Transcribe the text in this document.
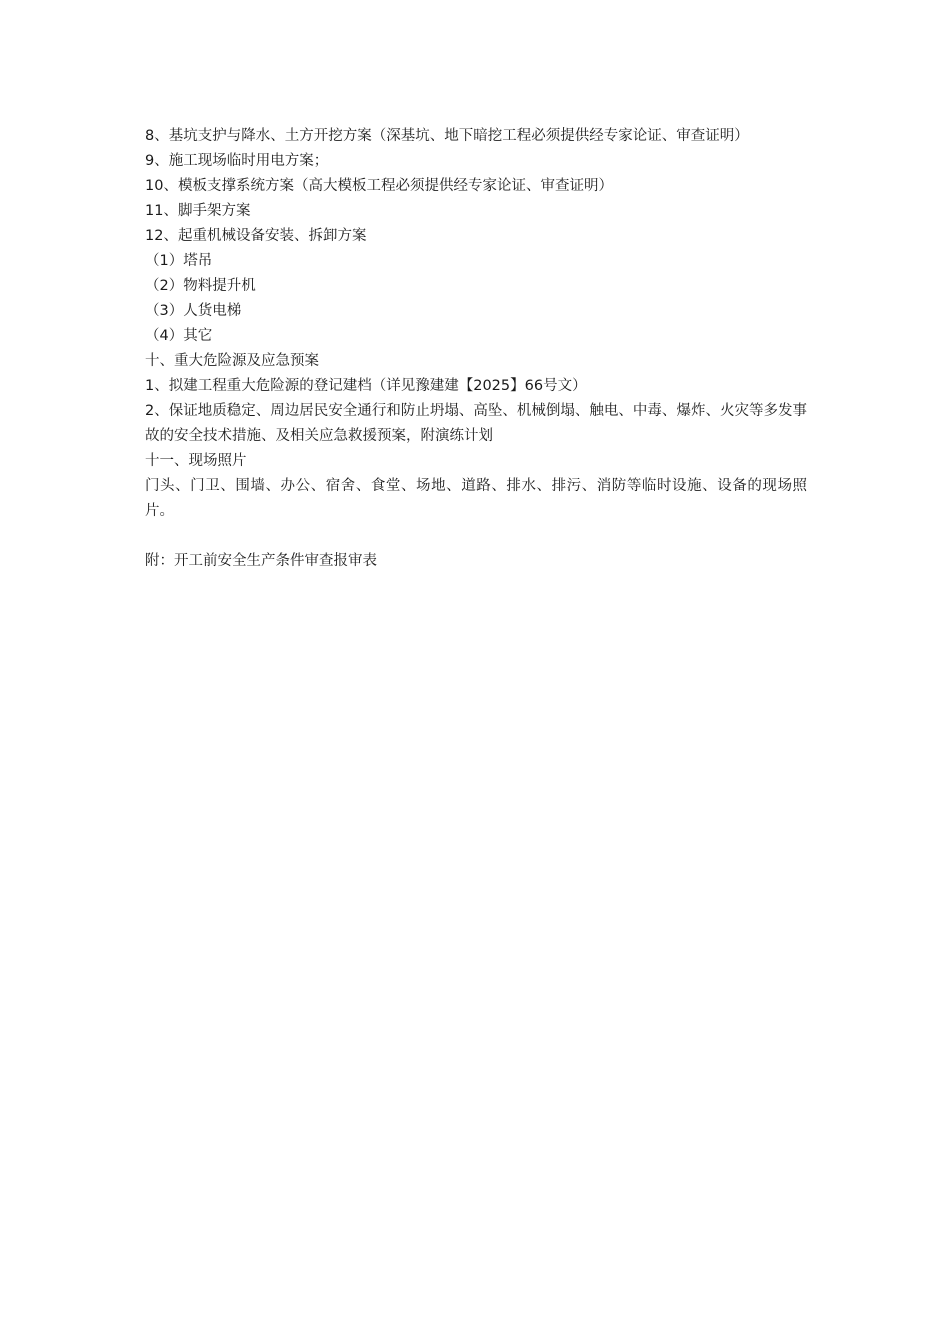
8、基坑支护与降水、土方开挖方案（深基坑、地下暗挖工程必须提供经专家论证、审查证明）

9、施工现场临时用电方案；

10、模板支撑系统方案（高大模板工程必须提供经专家论证、审查证明）

11、脚手架方案

12、起重机械设备安装、拆卸方案

（1）塔吊

（2）物料提升机

（3）人货电梯

（4）其它

十、重大危险源及应急预案

1、拟建工程重大危险源的登记建档（详见豫建建【2025】66号文）

2、保证地质稳定、周边居民安全通行和防止坍塌、高坠、机械倒塌、触电、中毒、爆炸、火灾等多发事故的安全技术措施、及相关应急救援预案，附演练计划

十一、现场照片

门头、门卫、围墙、办公、宿舍、食堂、场地、道路、排水、排污、消防等临时设施、设备的现场照片。

附：开工前安全生产条件审查报审表
